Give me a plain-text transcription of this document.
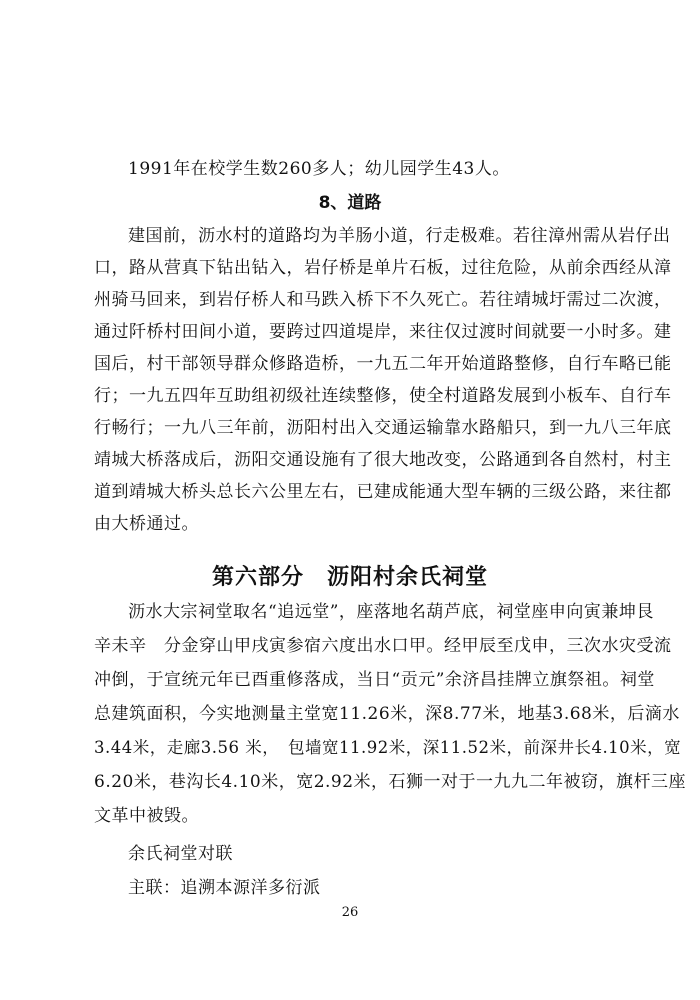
1991年在校学生数260多人；幼儿园学生43人。
8、道路
建国前，沥水村的道路均为羊肠小道，行走极难。若往漳州需从岩仔出
口，路从营真下钻出钻入，岩仔桥是单片石板，过往危险，从前余西经从漳
州骑马回来，到岩仔桥人和马跌入桥下不久死亡。若往靖城圩需过二次渡，
通过阡桥村田间小道，要跨过四道堤岸，来往仅过渡时间就要一小时多。建
国后，村干部领导群众修路造桥，一九五二年开始道路整修，自行车略已能
行；一九五四年互助组初级社连续整修，使全村道路发展到小板车、自行车
行畅行；一九八三年前，沥阳村出入交通运输靠水路船只，到一九八三年底
靖城大桥落成后，沥阳交通设施有了很大地改变，公路通到各自然村，村主
道到靖城大桥头总长六公里左右，已建成能通大型车辆的三级公路，来往都
由大桥通过。
第六部分　沥阳村余氏祠堂
沥水大宗祠堂取名“追远堂”，座落地名葫芦底，祠堂座申向寅兼坤艮
辛未辛　分金穿山甲戌寅参宿六度出水口甲。经甲辰至戊申，三次水灾受流
冲倒，于宣统元年已酉重修落成，当日“贡元”余济昌挂牌立旗祭祖。祠堂
总建筑面积，今实地测量主堂宽11.26米，深8.77米，地基3.68米，后滴水
3.44米，走廊3.56 米，　包墙宽11.92米，深11.52米，前深井长4.10米，宽
6.20米，巷沟长4.10米，宽2.92米，石狮一对于一九九二年被窃，旗杆三座
文革中被毁。
余氏祠堂对联
主联：追溯本源洋多衍派
26
